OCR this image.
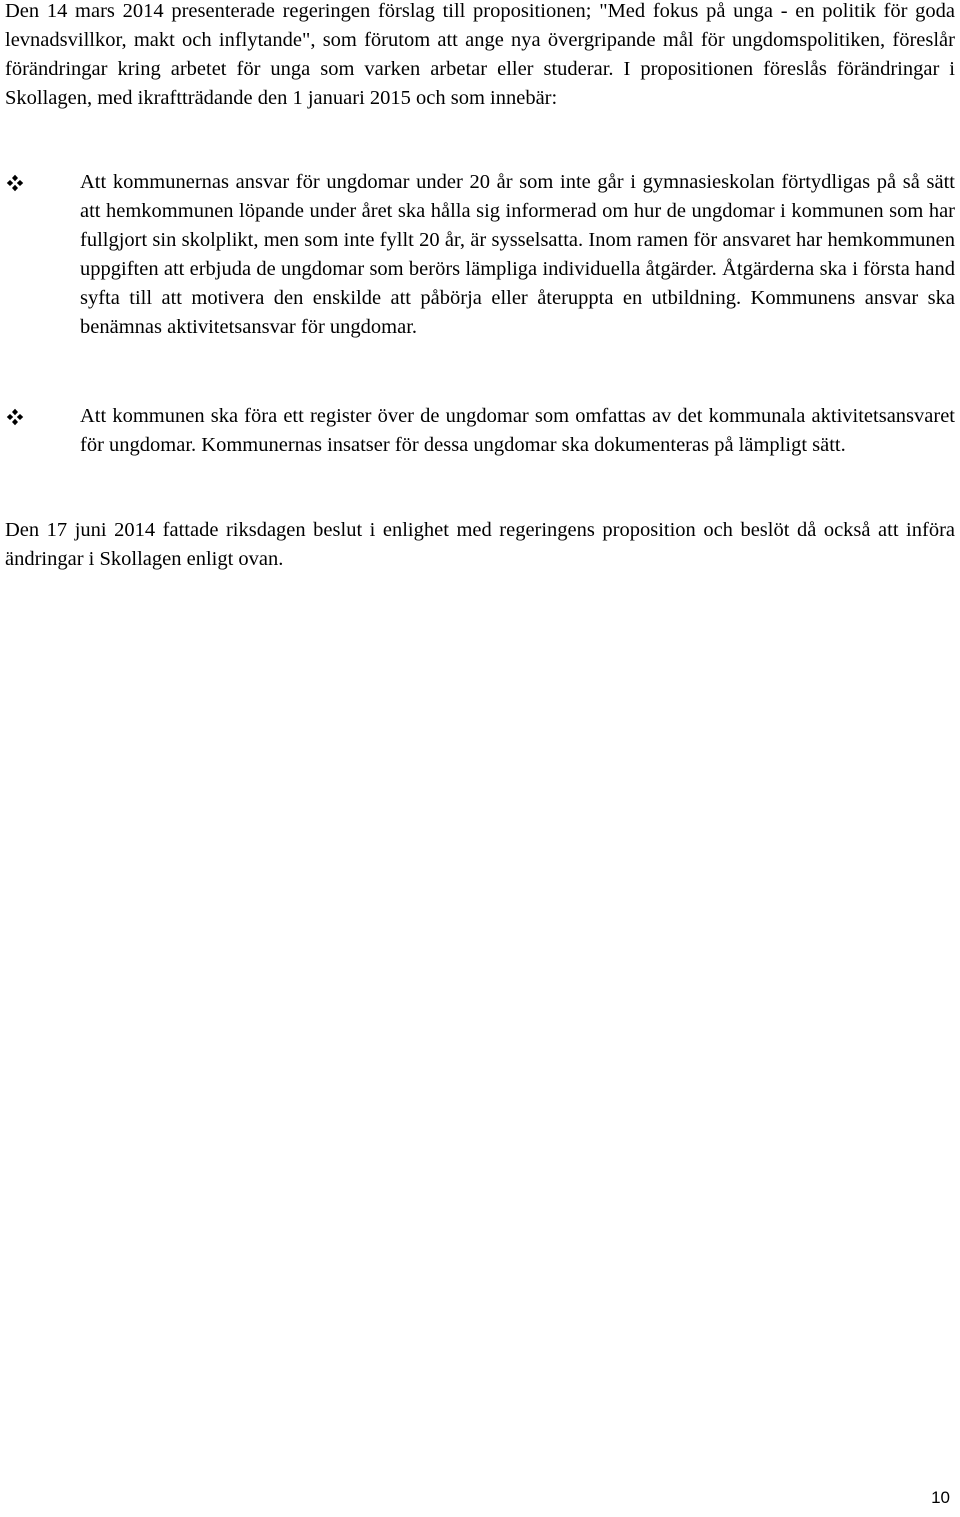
Den 14 mars 2014 presenterade regeringen förslag till propositionen; "Med fokus på unga - en politik för goda levnadsvillkor, makt och inflytande", som förutom att ange nya övergripande mål för ungdomspolitiken, föreslår förändringar kring arbetet för unga som varken arbetar eller studerar. I propositionen föreslås förändringar i Skollagen, med ikraftträdande den 1 januari 2015 och som innebär:

Att kommunernas ansvar för ungdomar under 20 år som inte går i gymnasieskolan förtydligas på så sätt att hemkommunen löpande under året ska hålla sig informerad om hur de ungdomar i kommunen som har fullgjort sin skolplikt, men som inte fyllt 20 år, är sysselsatta. Inom ramen för ansvaret har hemkommunen uppgiften att erbjuda de ungdomar som berörs lämpliga individuella åtgärder. Åtgärderna ska i första hand syfta till att motivera den enskilde att påbörja eller återuppta en utbildning. Kommunens ansvar ska benämnas aktivitetsansvar för ungdomar.

Att kommunen ska föra ett register över de ungdomar som omfattas av det kommunala aktivitetsansvaret för ungdomar. Kommunernas insatser för dessa ungdomar ska dokumenteras på lämpligt sätt.

Den 17 juni 2014 fattade riksdagen beslut i enlighet med regeringens proposition och beslöt då också att införa ändringar i Skollagen enligt ovan.

10
